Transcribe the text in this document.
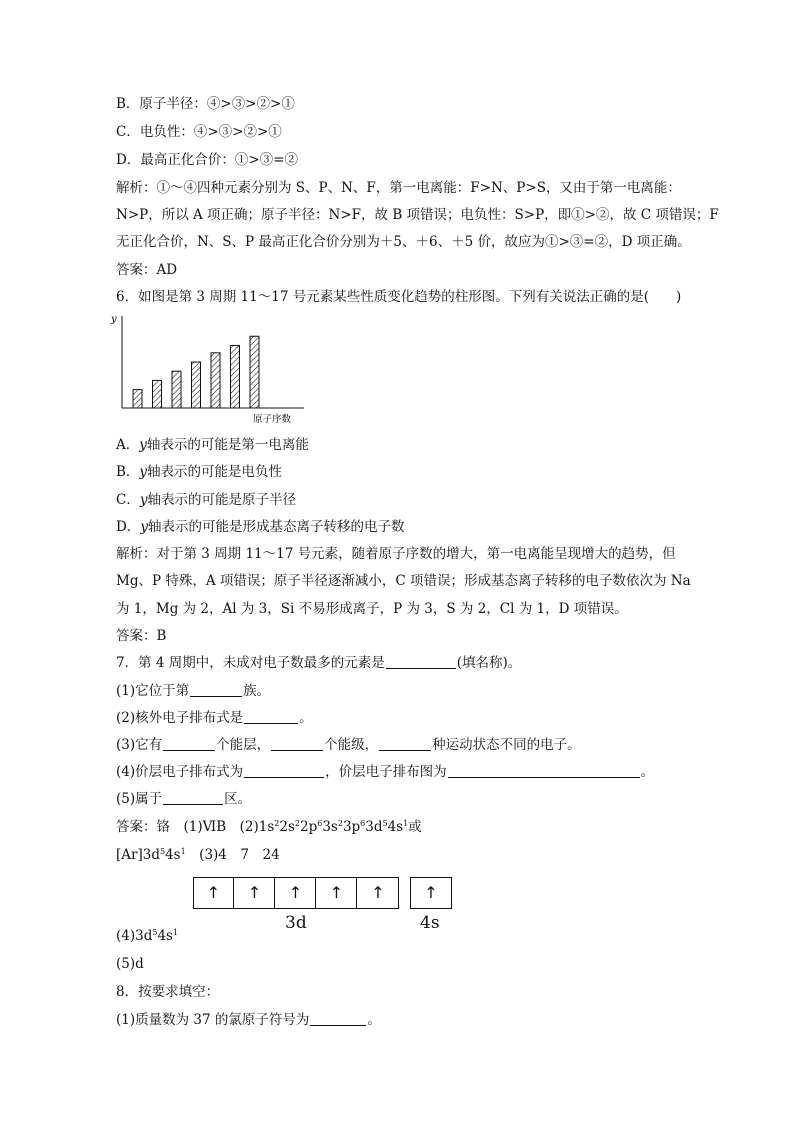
B．原子半径：④>③>②>①
C．电负性：④>③>②>①
D．最高正化合价：①>③=②
解析：①～④四种元素分别为 S、P、N、F，第一电离能：F>N、P>S，又由于第一电离能：
N>P，所以 A 项正确；原子半径：N>F，故 B 项错误；电负性：S>P，即①>②，故 C 项错误；F
无正化合价，N、S、P 最高正化合价分别为＋5、＋6、＋5 价，故应为①>③=②，D 项正确。
答案：AD
6．如图是第 3 周期 11～17 号元素某些性质变化趋势的柱形图。下列有关说法正确的是(　　)
y
原子序数
A．y轴表示的可能是第一电离能
B．y轴表示的可能是电负性
C．y轴表示的可能是原子半径
D．y轴表示的可能是形成基态离子转移的电子数
解析：对于第 3 周期 11～17 号元素，随着原子序数的增大，第一电离能呈现增大的趋势，但
Mg、P 特殊，A 项错误；原子半径逐渐减小，C 项错误；形成基态离子转移的电子数依次为 Na
为 1，Mg 为 2，Al 为 3，Si 不易形成离子，P 为 3，S 为 2，Cl 为 1，D 项错误。
答案：B
7．第 4 周期中，未成对电子数最多的元素是	(填名称)。
(1)它位于第	族。
(2)核外电子排布式是	。
(3)它有	个能层，	个能级，	种运动状态不同的电子。
(4)价层电子排布式为	，价层电子排布图为	。
(5)属于	区。
答案：铬　(1)ⅥB　$(2)1s^22s^22p^63s^23p^63d^54s^1$或
$[Ar]3d^54s^1$　(3)4　7　24
↑	↑	↑	↑	↑	↑
3d	4s
$(4)3d^54s^1$
(5)d
8．按要求填空：
(1)质量数为 37 的氯原子符号为	。
